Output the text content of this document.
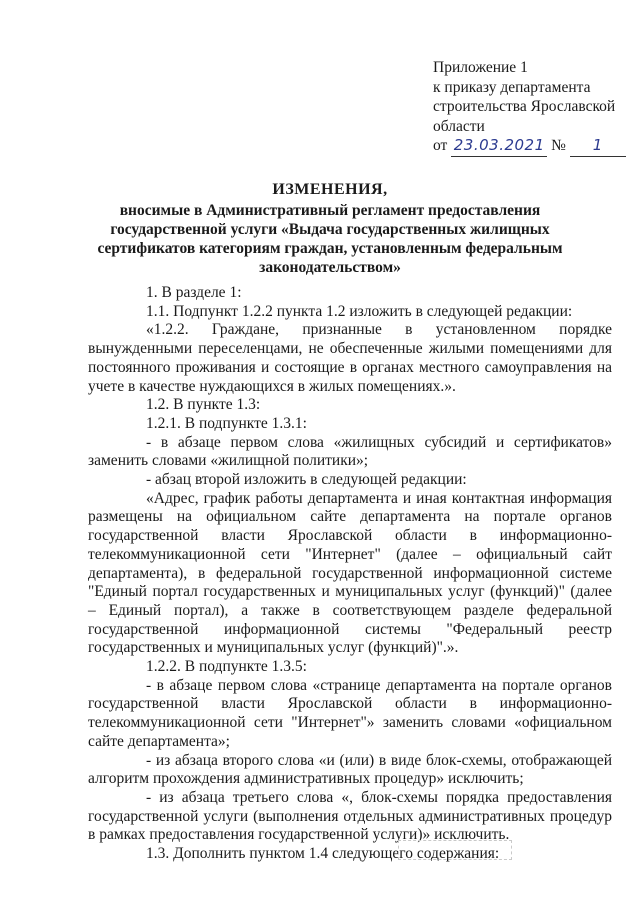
Приложение 1
к приказу департамента
строительства Ярославской
области
от 23.03.2021 № 1
ИЗМЕНЕНИЯ,
вносимые в Административный регламент предоставления
государственной услуги «Выдача государственных жилищных
сертификатов категориям граждан, установленным федеральным
законодательством»

1. В разделе 1:

1.1. Подпункт 1.2.2 пункта 1.2 изложить в следующей редакции:

«1.2.2. Граждане, признанные в установленном порядке вынужденными переселенцами, не обеспеченные жилыми помещениями для постоянного проживания и состоящие в органах местного самоуправления на учете в качестве нуждающихся в жилых помещениях.».

1.2. В пункте 1.3:

1.2.1. В подпункте 1.3.1:

- в абзаце первом слова «жилищных субсидий и сертификатов» заменить словами «жилищной политики»;

- абзац второй изложить в следующей редакции:

«Адрес, график работы департамента и иная контактная информация размещены на официальном сайте департамента на портале органов государственной власти Ярославской области в информационно-телекоммуникационной сети "Интернет" (далее – официальный сайт департамента), в федеральной государственной информационной системе "Единый портал государственных и муниципальных услуг (функций)" (далее – Единый портал), а также в соответствующем разделе федеральной государственной информационной системы "Федеральный реестр государственных и муниципальных услуг (функций)".».

1.2.2. В подпункте 1.3.5:

- в абзаце первом слова «странице департамента на портале органов государственной власти Ярославской области в информационно-телекоммуникационной сети "Интернет"» заменить словами «официальном сайте департамента»;

- из абзаца второго слова «и (или) в виде блок-схемы, отображающей алгоритм прохождения административных процедур» исключить;

- из абзаца третьего слова «, блок-схемы порядка предоставления государственной услуги (выполнения отдельных административных процедур в рамках предоставления государственной услуги)» исключить.

1.3. Дополнить пунктом 1.4 следующего содержания:
